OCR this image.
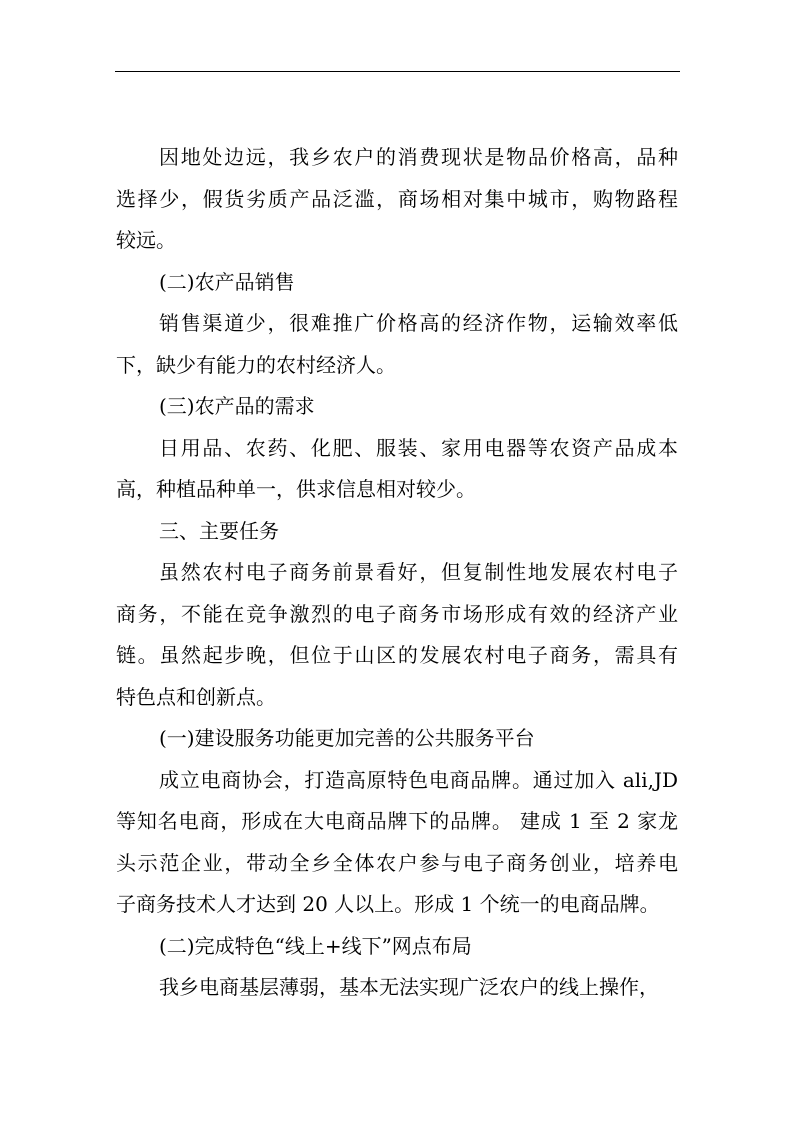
因地处边远，我乡农户的消费现状是物品价格高，品种
选择少，假货劣质产品泛滥，商场相对集中城市，购物路程
较远。
(二)农产品销售
销售渠道少，很难推广价格高的经济作物，运输效率低
下，缺少有能力的农村经济人。
(三)农产品的需求
日用品、农药、化肥、服装、家用电器等农资产品成本
高，种植品种单一，供求信息相对较少。
三、主要任务
虽然农村电子商务前景看好，但复制性地发展农村电子
商务，不能在竞争激烈的电子商务市场形成有效的经济产业
链。虽然起步晚，但位于山区的发展农村电子商务，需具有
特色点和创新点。
(一)建设服务功能更加完善的公共服务平台
成立电商协会，打造高原特色电商品牌。通过加入 ali,JD
等知名电商，形成在大电商品牌下的品牌。 建成 1 至 2 家龙
头示范企业，带动全乡全体农户参与电子商务创业，培养电
子商务技术人才达到 20 人以上。形成 1 个统一的电商品牌。
(二)完成特色“线上+线下”网点布局
我乡电商基层薄弱，基本无法实现广泛农户的线上操作，
